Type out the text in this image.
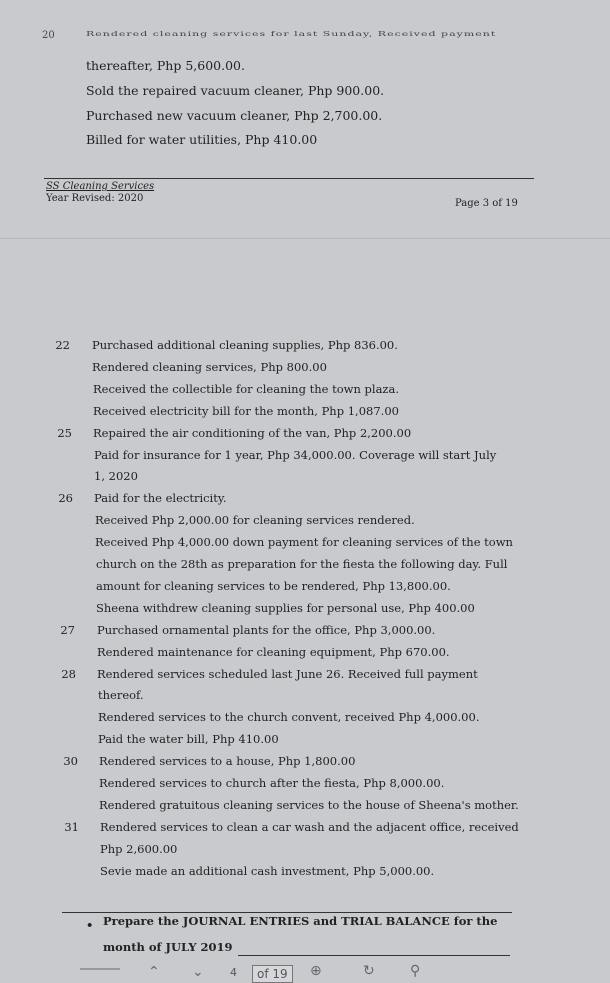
20	Rendered cleaning services for last Sunday, Received payment
thereafter, Php 5,600.00.
Sold the repaired vacuum cleaner, Php 900.00.
Purchased new vacuum cleaner, Php 2,700.00.
Billed for water utilities, Php 410.00
SS Cleaning Services
Year Revised: 2020	Page 3 of 19
22 Purchased additional cleaning supplies, Php 836.00.
Rendered cleaning services, Php 800.00
Received the collectible for cleaning the town plaza.
Received electricity bill for the month, Php 1,087.00
25 Repaired the air conditioning of the van, Php 2,200.00
Paid for insurance for 1 year, Php 34,000.00. Coverage will start July
1, 2020
26 Paid for the electricity.
Received Php 2,000.00 for cleaning services rendered.
Received Php 4,000.00 down payment for cleaning services of the town
church on the 28th as preparation for the fiesta the following day. Full
amount for cleaning services to be rendered, Php 13,800.00.
Sheena withdrew cleaning supplies for personal use, Php 400.00
27 Purchased ornamental plants for the office, Php 3,000.00.
Rendered maintenance for cleaning equipment, Php 670.00.
28 Rendered services scheduled last June 26. Received full payment
thereof.
Rendered services to the church convent, received Php 4,000.00.
Paid the water bill, Php 410.00
30 Rendered services to a house, Php 1,800.00
Rendered services to church after the fiesta, Php 8,000.00.
Rendered gratuitous cleaning services to the house of Sheena's mother.
31 Rendered services to clean a car wash and the adjacent office, received
Php 2,600.00
Sevie made an additional cash investment, Php 5,000.00.
• Prepare the JOURNAL ENTRIES and TRIAL BALANCE for the
month of JULY 2019
⌃ ⌄ 4	of 19	⊕	↻	⚲
